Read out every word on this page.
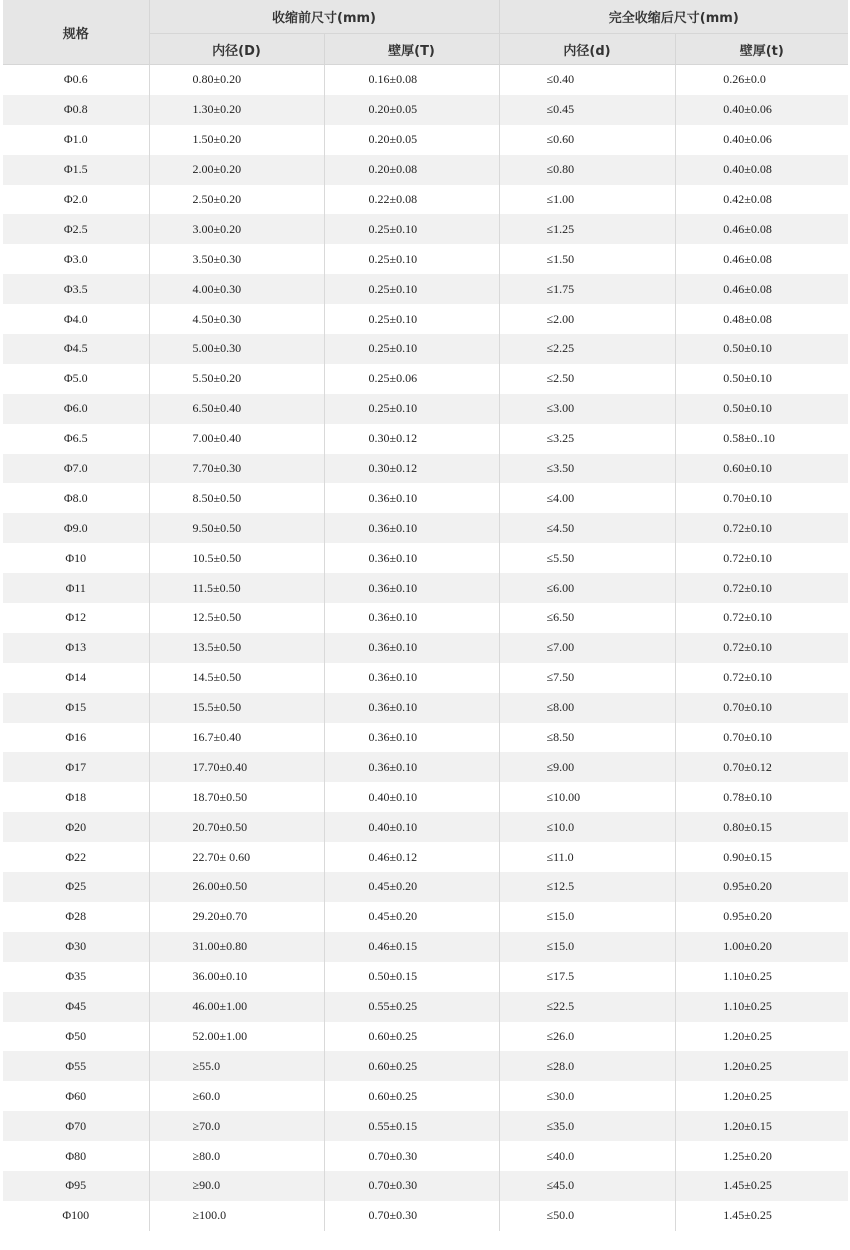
规格	收缩前尺寸(mm)		完全收缩后尺寸(mm)	
	内径(D)	壁厚(T)	内径(d)	壁厚(t)
Φ0.6	0.80±0.20	0.16±0.08	≤0.40	0.26±0.0
Φ0.8	1.30±0.20	0.20±0.05	≤0.45	0.40±0.06
Φ1.0	1.50±0.20	0.20±0.05	≤0.60	0.40±0.06
Φ1.5	2.00±0.20	0.20±0.08	≤0.80	0.40±0.08
Φ2.0	2.50±0.20	0.22±0.08	≤1.00	0.42±0.08
Φ2.5	3.00±0.20	0.25±0.10	≤1.25	0.46±0.08
Φ3.0	3.50±0.30	0.25±0.10	≤1.50	0.46±0.08
Φ3.5	4.00±0.30	0.25±0.10	≤1.75	0.46±0.08
Φ4.0	4.50±0.30	0.25±0.10	≤2.00	0.48±0.08
Φ4.5	5.00±0.30	0.25±0.10	≤2.25	0.50±0.10
Φ5.0	5.50±0.20	0.25±0.06	≤2.50	0.50±0.10
Φ6.0	6.50±0.40	0.25±0.10	≤3.00	0.50±0.10
Φ6.5	7.00±0.40	0.30±0.12	≤3.25	0.58±0..10
Φ7.0	7.70±0.30	0.30±0.12	≤3.50	0.60±0.10
Φ8.0	8.50±0.50	0.36±0.10	≤4.00	0.70±0.10
Φ9.0	9.50±0.50	0.36±0.10	≤4.50	0.72±0.10
Φ10	10.5±0.50	0.36±0.10	≤5.50	0.72±0.10
Φ11	11.5±0.50	0.36±0.10	≤6.00	0.72±0.10
Φ12	12.5±0.50	0.36±0.10	≤6.50	0.72±0.10
Φ13	13.5±0.50	0.36±0.10	≤7.00	0.72±0.10
Φ14	14.5±0.50	0.36±0.10	≤7.50	0.72±0.10
Φ15	15.5±0.50	0.36±0.10	≤8.00	0.70±0.10
Φ16	16.7±0.40	0.36±0.10	≤8.50	0.70±0.10
Φ17	17.70±0.40	0.36±0.10	≤9.00	0.70±0.12
Φ18	18.70±0.50	0.40±0.10	≤10.00	0.78±0.10
Φ20	20.70±0.50	0.40±0.10	≤10.0	0.80±0.15
Φ22	22.70± 0.60	0.46±0.12	≤11.0	0.90±0.15
Φ25	26.00±0.50	0.45±0.20	≤12.5	0.95±0.20
Φ28	29.20±0.70	0.45±0.20	≤15.0	0.95±0.20
Φ30	31.00±0.80	0.46±0.15	≤15.0	1.00±0.20
Φ35	36.00±0.10	0.50±0.15	≤17.5	1.10±0.25
Φ45	46.00±1.00	0.55±0.25	≤22.5	1.10±0.25
Φ50	52.00±1.00	0.60±0.25	≤26.0	1.20±0.25
Φ55	≥55.0	0.60±0.25	≤28.0	1.20±0.25
Φ60	≥60.0	0.60±0.25	≤30.0	1.20±0.25
Φ70	≥70.0	0.55±0.15	≤35.0	1.20±0.15
Φ80	≥80.0	0.70±0.30	≤40.0	1.25±0.20
Φ95	≥90.0	0.70±0.30	≤45.0	1.45±0.25
Φ100	≥100.0	0.70±0.30	≤50.0	1.45±0.25
